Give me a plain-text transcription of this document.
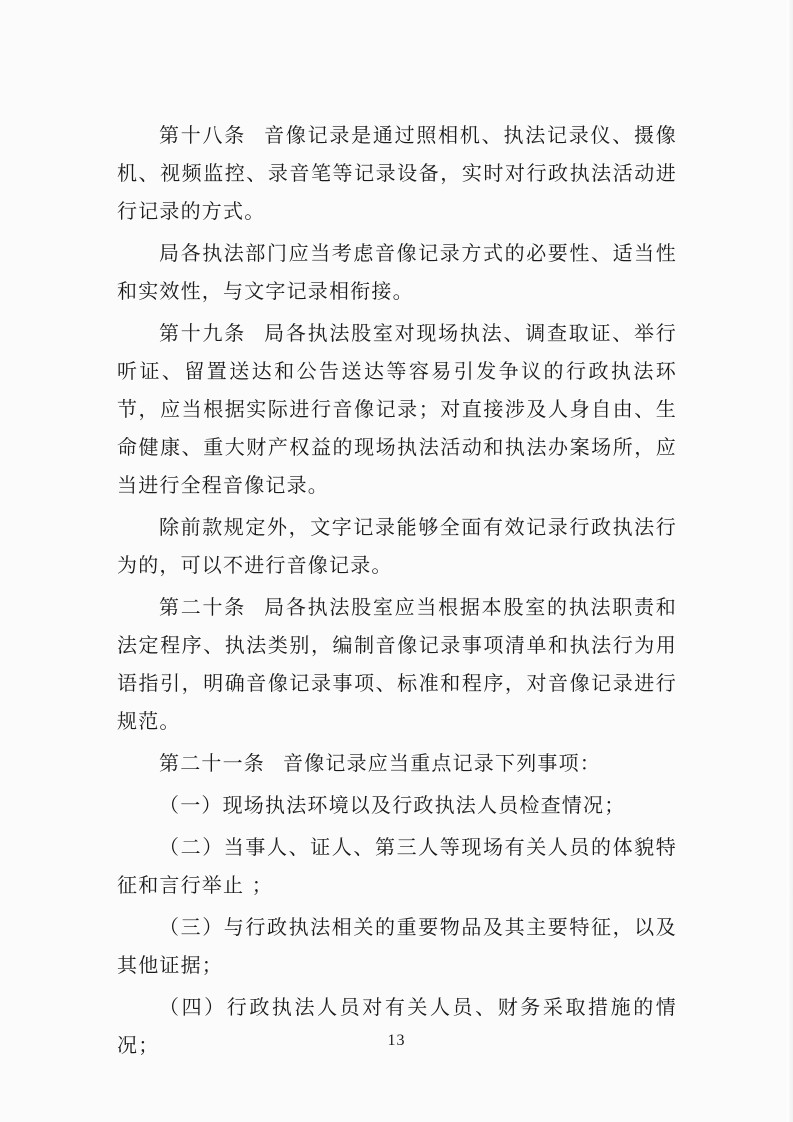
第十八条 音像记录是通过照相机、执法记录仪、摄像机、视频监控、录音笔等记录设备，实时对行政执法活动进行记录的方式。

局各执法部门应当考虑音像记录方式的必要性、适当性和实效性，与文字记录相衔接。

第十九条 局各执法股室对现场执法、调查取证、举行听证、留置送达和公告送达等容易引发争议的行政执法环节，应当根据实际进行音像记录；对直接涉及人身自由、生命健康、重大财产权益的现场执法活动和执法办案场所，应当进行全程音像记录。

除前款规定外，文字记录能够全面有效记录行政执法行为的，可以不进行音像记录。

第二十条 局各执法股室应当根据本股室的执法职责和法定程序、执法类别，编制音像记录事项清单和执法行为用语指引，明确音像记录事项、标准和程序，对音像记录进行规范。

第二十一条 音像记录应当重点记录下列事项：

（一）现场执法环境以及行政执法人员检查情况；

（二）当事人、证人、第三人等现场有关人员的体貌特征和言行举止 ；

（三）与行政执法相关的重要物品及其主要特征，以及其他证据；

（四）行政执法人员对有关人员、财务采取措施的情况；	13
